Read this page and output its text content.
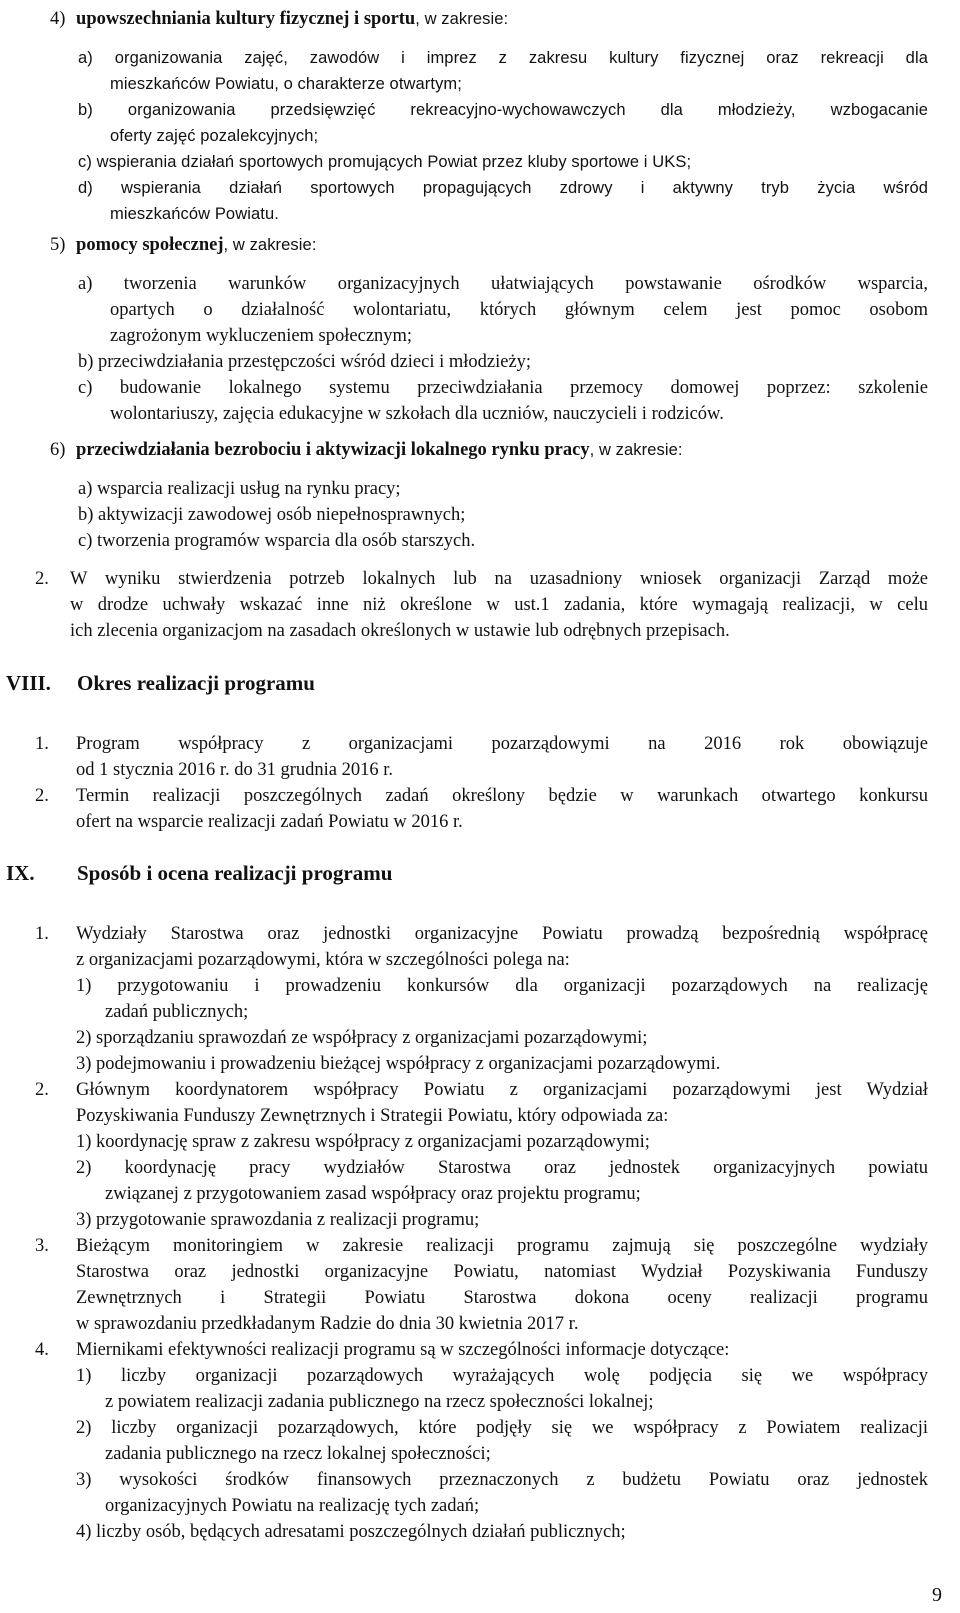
4) upowszechniania kultury fizycznej i sportu, w zakresie:
a) organizowania zajęć, zawodów i imprez z zakresu kultury fizycznej oraz rekreacji dla
mieszkańców Powiatu, o charakterze otwartym;
b) organizowania przedsięwzięć rekreacyjno-wychowawczych dla młodzieży, wzbogacanie
oferty zajęć pozalekcyjnych;
c) wspierania działań sportowych promujących Powiat przez kluby sportowe i UKS;
d) wspierania działań sportowych propagujących zdrowy i aktywny tryb życia wśród
mieszkańców Powiatu.
5) pomocy społecznej, w zakresie:
a) tworzenia warunków organizacyjnych ułatwiających powstawanie ośrodków wsparcia,
opartych o działalność wolontariatu, których głównym celem jest pomoc osobom
zagrożonym wykluczeniem społecznym;
b) przeciwdziałania przestępczości wśród dzieci i młodzieży;
c) budowanie lokalnego systemu przeciwdziałania przemocy domowej poprzez: szkolenie
wolontariuszy, zajęcia edukacyjne w szkołach dla uczniów, nauczycieli i rodziców.
6) przeciwdziałania bezrobociu i aktywizacji lokalnego rynku pracy, w zakresie:
a) wsparcia realizacji usług na rynku pracy;
b) aktywizacji zawodowej osób niepełnosprawnych;
c) tworzenia programów wsparcia dla osób starszych.
2. W wyniku stwierdzenia potrzeb lokalnych lub na uzasadniony wniosek organizacji Zarząd może
w drodze uchwały wskazać inne niż określone w ust.1 zadania, które wymagają realizacji, w celu
ich zlecenia organizacjom na zasadach określonych w ustawie lub odrębnych przepisach.
VIII. Okres realizacji programu
1. Program współpracy z organizacjami pozarządowymi na 2016 rok obowiązuje
od 1 stycznia 2016 r. do 31 grudnia 2016 r.
2. Termin realizacji poszczególnych zadań określony będzie w warunkach otwartego konkursu
ofert na wsparcie realizacji zadań Powiatu w 2016 r.
IX. Sposób i ocena realizacji programu
1. Wydziały Starostwa oraz jednostki organizacyjne Powiatu prowadzą bezpośrednią współpracę
z organizacjami pozarządowymi, która w szczególności polega na:
1) przygotowaniu i prowadzeniu konkursów dla organizacji pozarządowych na realizację
zadań publicznych;
2) sporządzaniu sprawozdań ze współpracy z organizacjami pozarządowymi;
3) podejmowaniu i prowadzeniu bieżącej współpracy z organizacjami pozarządowymi.
2. Głównym koordynatorem współpracy Powiatu z organizacjami pozarządowymi jest Wydział
Pozyskiwania Funduszy Zewnętrznych i Strategii Powiatu, który odpowiada za:
1) koordynację spraw z zakresu współpracy z organizacjami pozarządowymi;
2) koordynację pracy wydziałów Starostwa oraz jednostek organizacyjnych powiatu
związanej z przygotowaniem zasad współpracy oraz projektu programu;
3) przygotowanie sprawozdania z realizacji programu;
3. Bieżącym monitoringiem w zakresie realizacji programu zajmują się poszczególne wydziały
Starostwa oraz jednostki organizacyjne Powiatu, natomiast Wydział Pozyskiwania Funduszy
Zewnętrznych i Strategii Powiatu Starostwa dokona oceny realizacji programu
w sprawozdaniu przedkładanym Radzie do dnia 30 kwietnia 2017 r.
4. Miernikami efektywności realizacji programu są w szczególności informacje dotyczące:
1) liczby organizacji pozarządowych wyrażających wolę podjęcia się we współpracy
z powiatem realizacji zadania publicznego na rzecz społeczności lokalnej;
2) liczby organizacji pozarządowych, które podjęły się we współpracy z Powiatem realizacji
zadania publicznego na rzecz lokalnej społeczności;
3) wysokości środków finansowych przeznaczonych z budżetu Powiatu oraz jednostek
organizacyjnych Powiatu na realizację tych zadań;
4) liczby osób, będących adresatami poszczególnych działań publicznych;
9
